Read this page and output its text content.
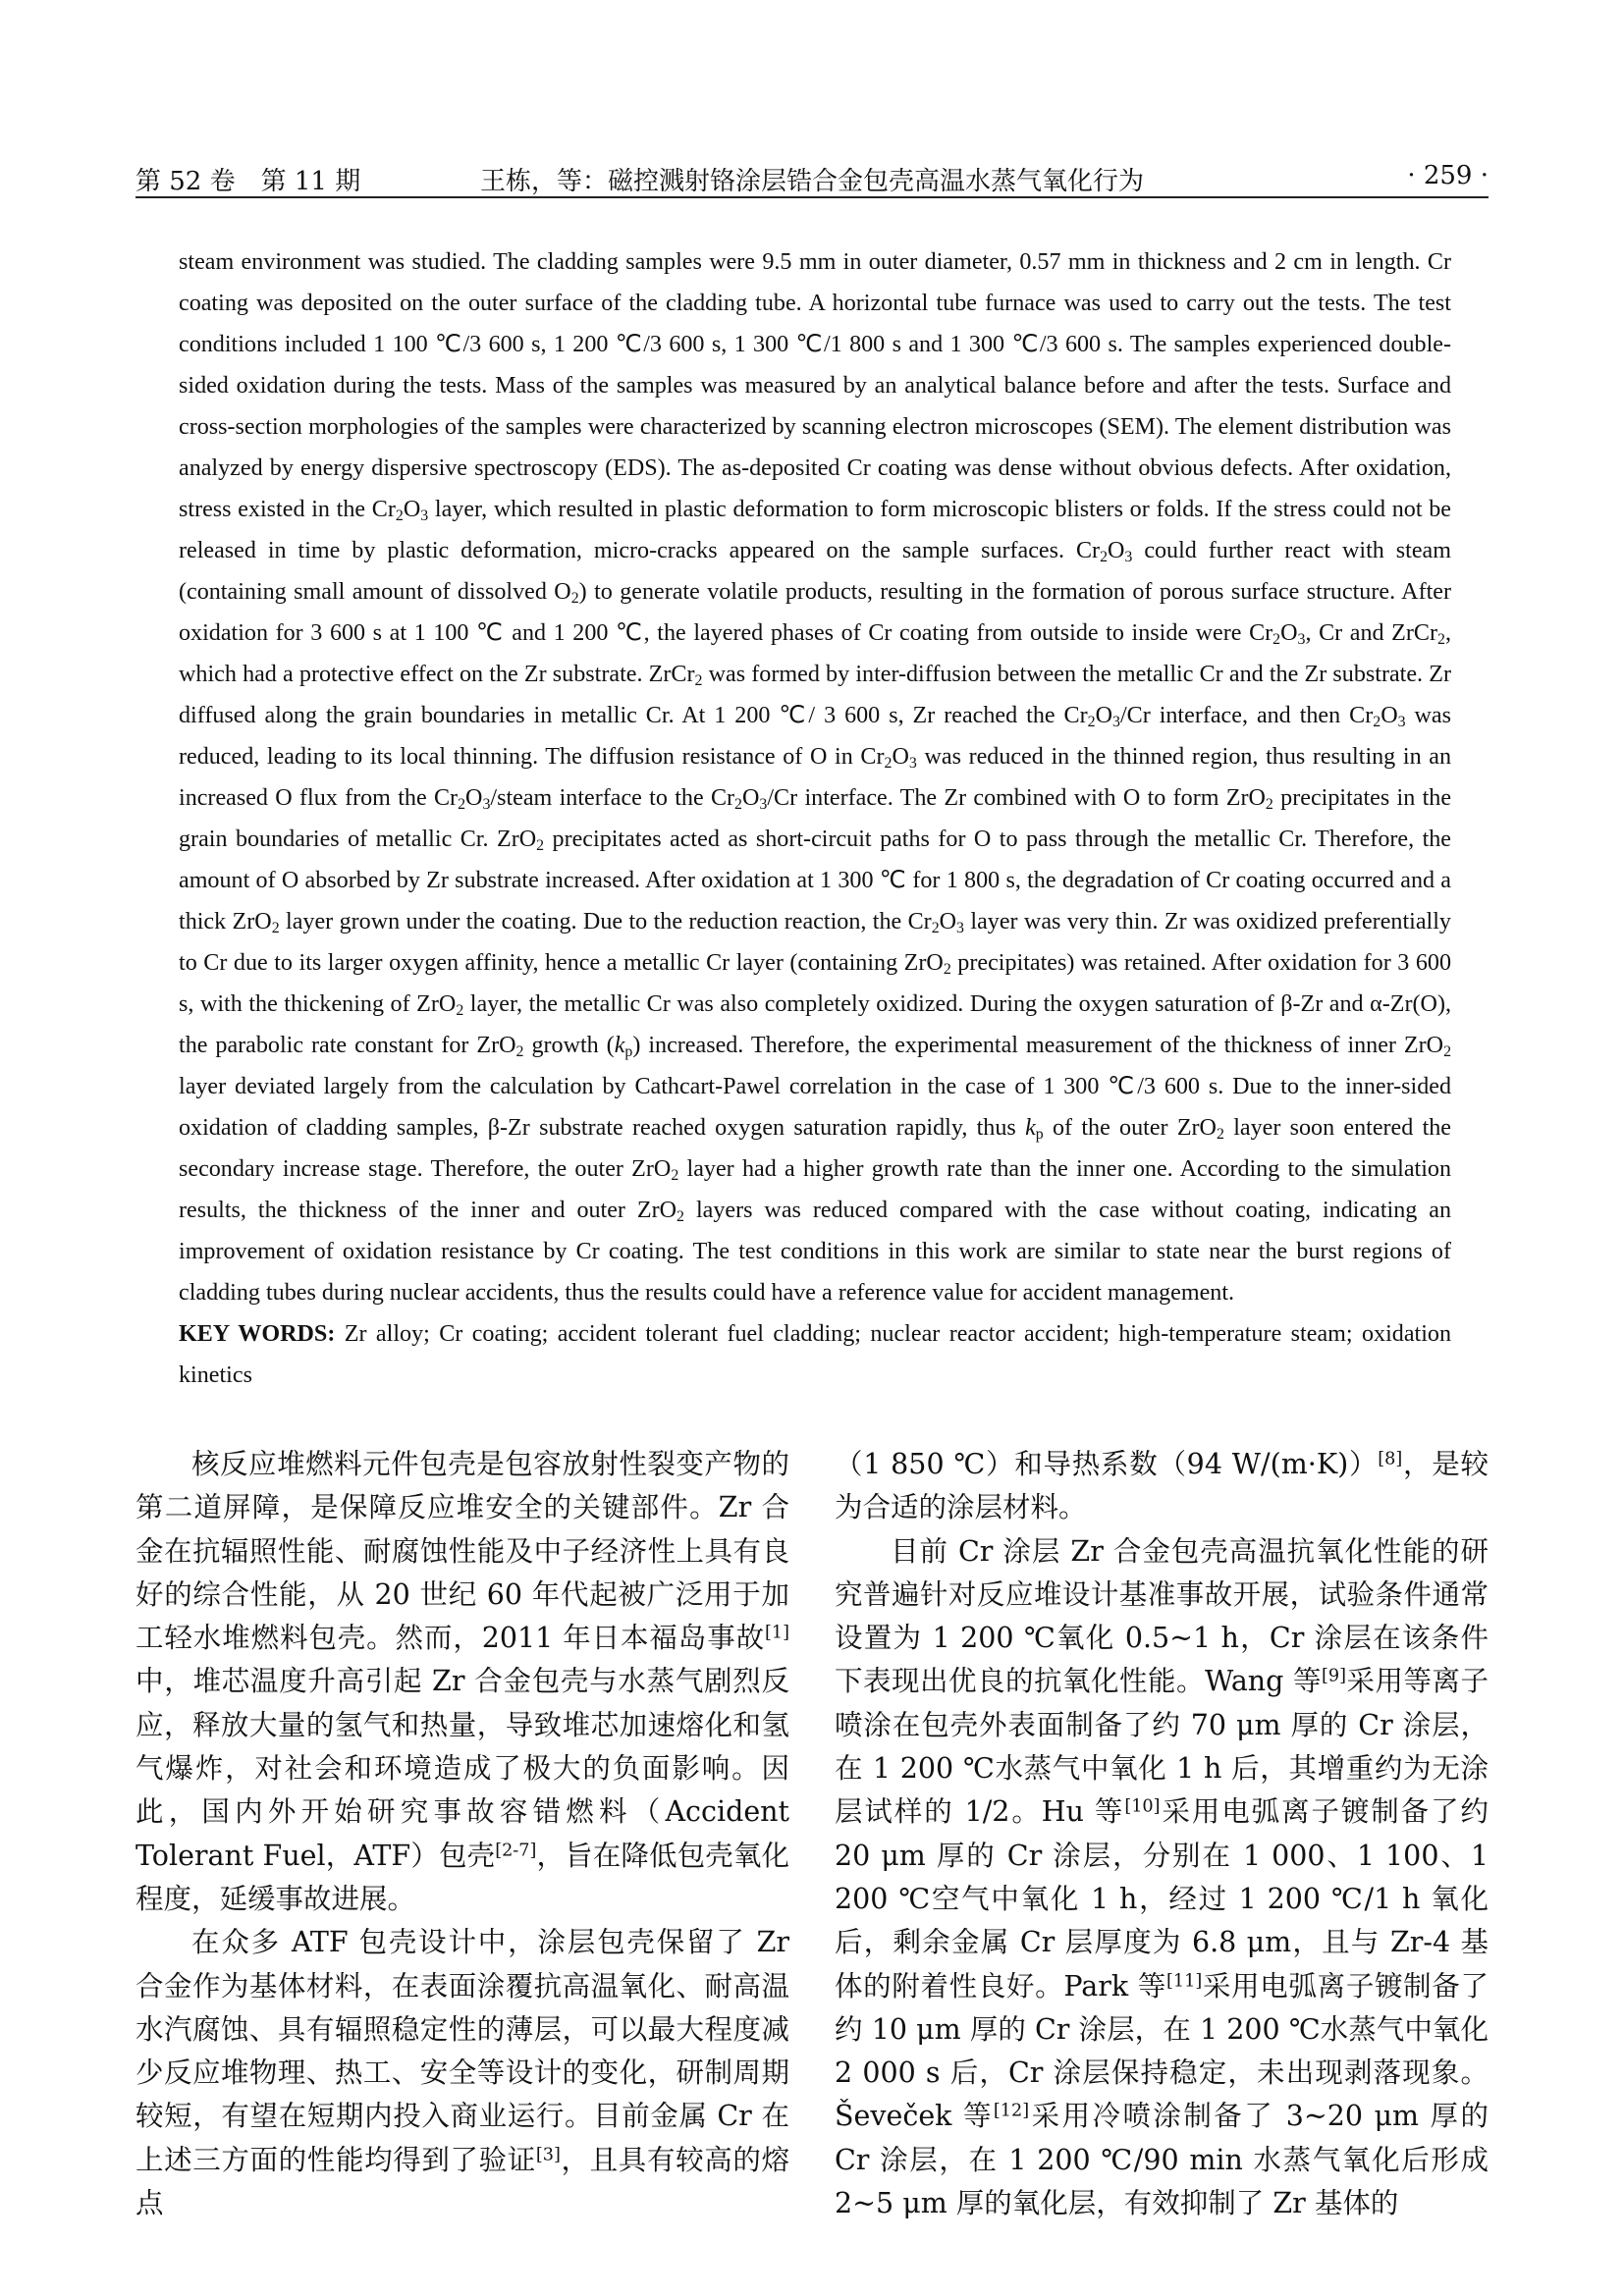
第 52 卷　第 11 期	王栋，等：磁控溅射铬涂层锆合金包壳高温水蒸气氧化行为	· 259 ·

steam environment was studied. The cladding samples were 9.5 mm in outer diameter, 0.57 mm in thickness and 2 cm in length. Cr coating was deposited on the outer surface of the cladding tube. A horizontal tube furnace was used to carry out the tests. The test conditions included 1 100 ℃/3 600 s, 1 200 ℃/3 600 s, 1 300 ℃/1 800 s and 1 300 ℃/3 600 s. The samples experienced double-sided oxidation during the tests. Mass of the samples was measured by an analytical balance before and after the tests. Surface and cross-section morphologies of the samples were characterized by scanning electron microscopes (SEM). The element distribution was analyzed by energy dispersive spectroscopy (EDS). The as-deposited Cr coating was dense without obvious defects. After oxidation, stress existed in the $Cr_2O_3$ layer, which resulted in plastic deformation to form microscopic blisters or folds. If the stress could not be released in time by plastic deformation, micro-cracks appeared on the sample surfaces. $Cr_2O_3$ could further react with steam (containing small amount of dissolved $O_2$) to generate volatile products, resulting in the formation of porous surface structure. After oxidation for 3 600 s at 1 100 ℃ and 1 200 ℃, the layered phases of Cr coating from outside to inside were $Cr_2O_3$, Cr and ZrCr$_2$, which had a protective effect on the Zr substrate. ZrCr$_2$ was formed by inter-diffusion between the metallic Cr and the Zr substrate. Zr diffused along the grain boundaries in metallic Cr. At 1 200 ℃/ 3 600 s, Zr reached the $Cr_2O_3/Cr$ interface, and then $Cr_2O_3$ was reduced, leading to its local thinning. The diffusion resistance of O in $Cr_2O_3$ was reduced in the thinned region, thus resulting in an increased O flux from the $Cr_2O_3$/steam interface to the $Cr_2O_3/Cr$ interface. The Zr combined with O to form ZrO$_2$ precipitates in the grain boundaries of metallic Cr. ZrO$_2$ precipitates acted as short-circuit paths for O to pass through the metallic Cr. Therefore, the amount of O absorbed by Zr substrate increased. After oxidation at 1 300 ℃ for 1 800 s, the degradation of Cr coating occurred and a thick ZrO$_2$ layer grown under the coating. Due to the reduction reaction, the $Cr_2O_3$ layer was very thin. Zr was oxidized preferentially to Cr due to its larger oxygen affinity, hence a metallic Cr layer (containing ZrO$_2$ precipitates) was retained. After oxidation for 3 600 s, with the thickening of ZrO$_2$ layer, the metallic Cr was also completely oxidized. During the oxygen saturation of β-Zr and α-Zr(O), the parabolic rate constant for ZrO$_2$ growth $(k_p)$ increased. Therefore, the experimental measurement of the thickness of inner ZrO$_2$ layer deviated largely from the calculation by Cathcart-Pawel correlation in the case of 1 300 ℃/3 600 s. Due to the inner-sided oxidation of cladding samples, β-Zr substrate reached oxygen saturation rapidly, thus $k_p$ of the outer ZrO$_2$ layer soon entered the secondary increase stage. Therefore, the outer ZrO$_2$ layer had a higher growth rate than the inner one. According to the simulation results, the thickness of the inner and outer ZrO$_2$ layers was reduced compared with the case without coating, indicating an improvement of oxidation resistance by Cr coating. The test conditions in this work are similar to state near the burst regions of cladding tubes during nuclear accidents, thus the results could have a reference value for accident management.

KEY WORDS: Zr alloy; Cr coating; accident tolerant fuel cladding; nuclear reactor accident; high-temperature steam; oxidation kinetics

核反应堆燃料元件包壳是包容放射性裂变产物的第二道屏障，是保障反应堆安全的关键部件。Zr 合金在抗辐照性能、耐腐蚀性能及中子经济性上具有良好的综合性能，从 20 世纪 60 年代起被广泛用于加工轻水堆燃料包壳。然而，2011 年日本福岛事故[1]中，堆芯温度升高引起 Zr 合金包壳与水蒸气剧烈反应，释放大量的氢气和热量，导致堆芯加速熔化和氢气爆炸，对社会和环境造成了极大的负面影响。因此，国内外开始研究事故容错燃料（Accident Tolerant Fuel，ATF）包壳[2-7]，旨在降低包壳氧化程度，延缓事故进展。

在众多 ATF 包壳设计中，涂层包壳保留了 Zr 合金作为基体材料，在表面涂覆抗高温氧化、耐高温水汽腐蚀、具有辐照稳定性的薄层，可以最大程度减少反应堆物理、热工、安全等设计的变化，研制周期较短，有望在短期内投入商业运行。目前金属 Cr 在上述三方面的性能均得到了验证[3]，且具有较高的熔点

（1 850 ℃）和导热系数（94 W/(m·K)）[8]，是较为合适的涂层材料。

目前 Cr 涂层 Zr 合金包壳高温抗氧化性能的研究普遍针对反应堆设计基准事故开展，试验条件通常设置为 1 200 ℃氧化 0.5~1 h，Cr 涂层在该条件下表现出优良的抗氧化性能。Wang 等[9]采用等离子喷涂在包壳外表面制备了约 70 μm 厚的 Cr 涂层，在 1 200 ℃水蒸气中氧化 1 h 后，其增重约为无涂层试样的 1/2。Hu 等[10]采用电弧离子镀制备了约 20 μm 厚的 Cr 涂层，分别在 1 000、1 100、1 200 ℃空气中氧化 1 h，经过 1 200 ℃/1 h 氧化后，剩余金属 Cr 层厚度为 6.8 μm，且与 Zr-4 基体的附着性良好。Park 等[11]采用电弧离子镀制备了约 10 μm 厚的 Cr 涂层，在 1 200 ℃水蒸气中氧化 2 000 s 后，Cr 涂层保持稳定，未出现剥落现象。Ševeček 等[12]采用冷喷涂制备了 3~20 μm 厚的 Cr 涂层，在 1 200 ℃/90 min 水蒸气氧化后形成 2~5 μm 厚的氧化层，有效抑制了 Zr 基体的
